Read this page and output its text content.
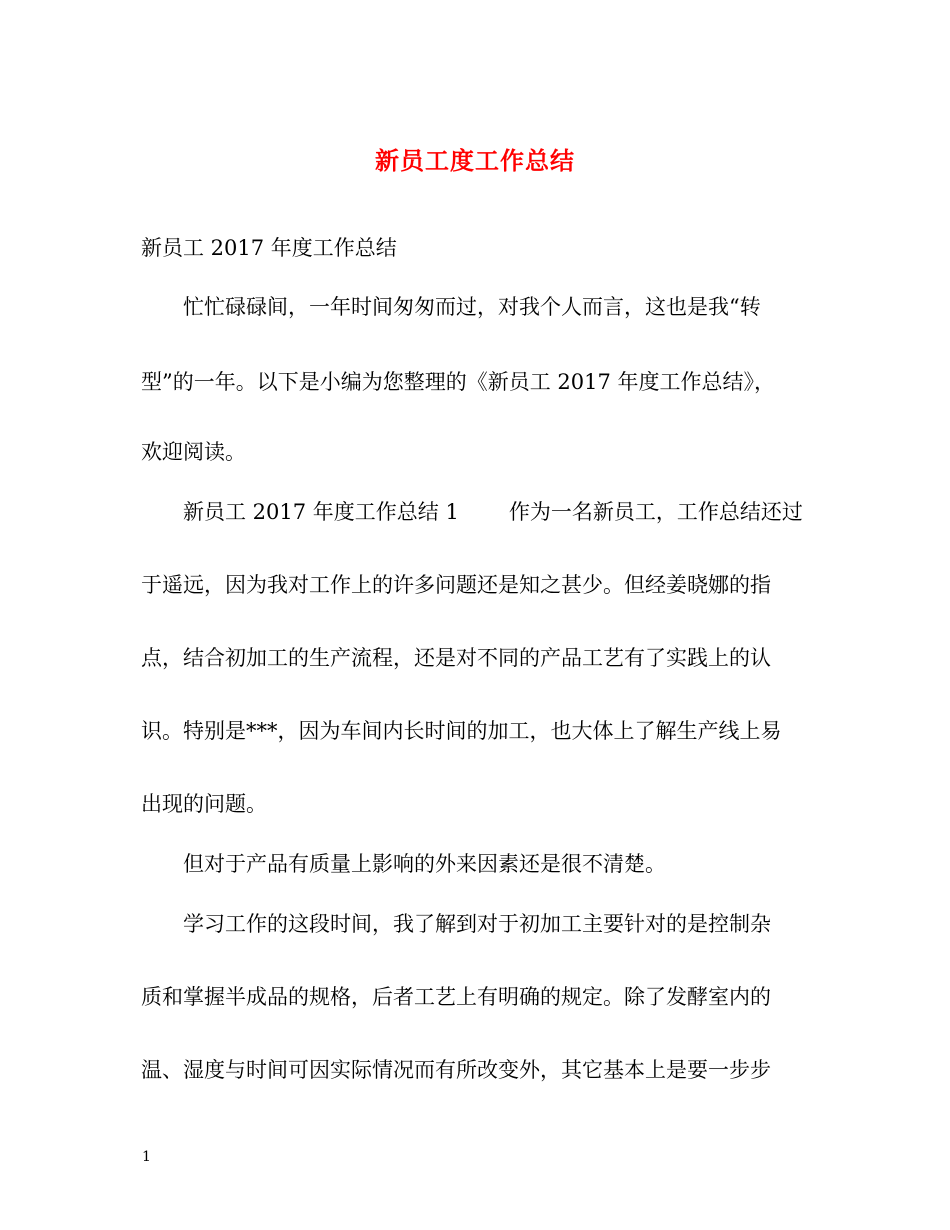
新员工度工作总结
新员工 2017 年度工作总结
忙忙碌碌间，一年时间匆匆而过，对我个人而言，这也是我“转
型”的一年。以下是小编为您整理的《新员工 2017 年度工作总结》，
欢迎阅读。
新员工 2017 年度工作总结 1 作为一名新员工，工作总结还过
于遥远，因为我对工作上的许多问题还是知之甚少。但经姜晓娜的指
点，结合初加工的生产流程，还是对不同的产品工艺有了实践上的认
识。特别是***，因为车间内长时间的加工，也大体上了解生产线上易
出现的问题。
但对于产品有质量上影响的外来因素还是很不清楚。
学习工作的这段时间，我了解到对于初加工主要针对的是控制杂
质和掌握半成品的规格，后者工艺上有明确的规定。除了发酵室内的
温、湿度与时间可因实际情况而有所改变外，其它基本上是要一步步
1
